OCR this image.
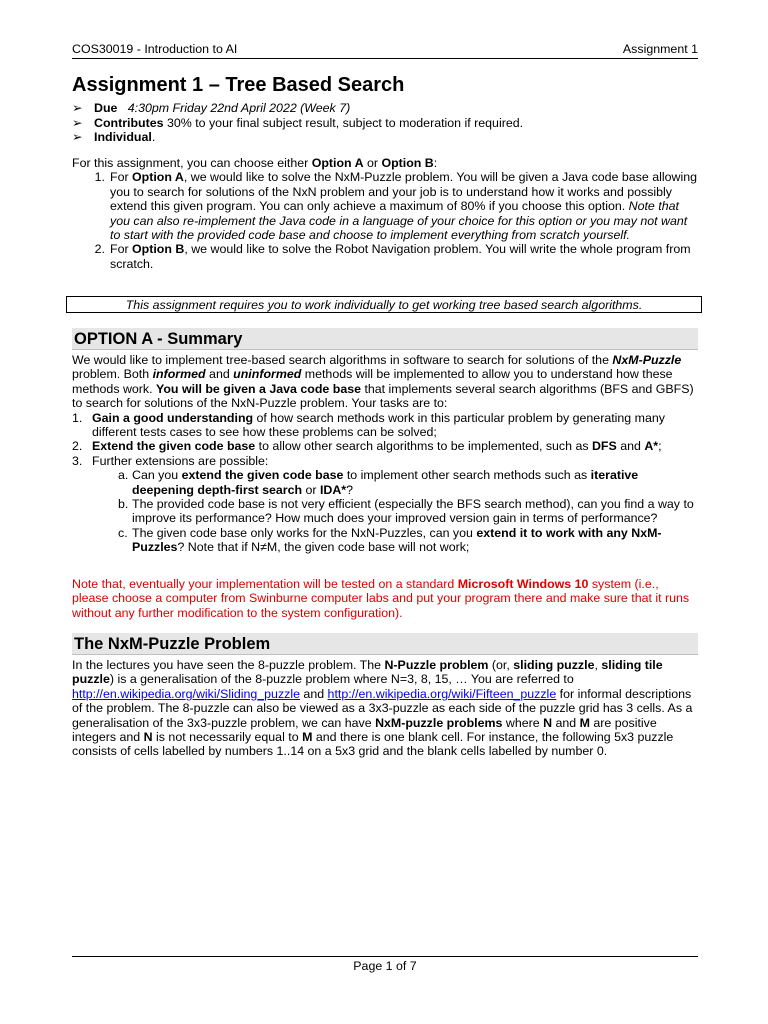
COS30019 - Introduction to AI	Assignment 1
Assignment 1 – Tree Based Search
➢ Due 4:30pm Friday 22nd April 2022 (Week 7)
➢ Contributes 30% to your final subject result, subject to moderation if required.
➢ Individual.
For this assignment, you can choose either Option A or Option B:
1. For Option A, we would like to solve the NxM-Puzzle problem. You will be given a Java code base allowing you to search for solutions of the NxN problem and your job is to understand how it works and possibly extend this given program. You can only achieve a maximum of 80% if you choose this option. Note that you can also re-implement the Java code in a language of your choice for this option or you may not want to start with the provided code base and choose to implement everything from scratch yourself.
2. For Option B, we would like to solve the Robot Navigation problem. You will write the whole program from scratch.
This assignment requires you to work individually to get working tree based search algorithms.
OPTION A - Summary
We would like to implement tree-based search algorithms in software to search for solutions of the NxM-Puzzle problem. Both informed and uninformed methods will be implemented to allow you to understand how these methods work. You will be given a Java code base that implements several search algorithms (BFS and GBFS) to search for solutions of the NxN-Puzzle problem. Your tasks are to:
1. Gain a good understanding of how search methods work in this particular problem by generating many different tests cases to see how these problems can be solved;
2. Extend the given code base to allow other search algorithms to be implemented, such as DFS and A*;
3. Further extensions are possible:
a. Can you extend the given code base to implement other search methods such as iterative deepening depth-first search or IDA*?
b. The provided code base is not very efficient (especially the BFS search method), can you find a way to improve its performance? How much does your improved version gain in terms of performance?
c. The given code base only works for the NxN-Puzzles, can you extend it to work with any NxM-Puzzles? Note that if N≠M, the given code base will not work;
Note that, eventually your implementation will be tested on a standard Microsoft Windows 10 system (i.e., please choose a computer from Swinburne computer labs and put your program there and make sure that it runs without any further modification to the system configuration).
The NxM-Puzzle Problem
In the lectures you have seen the 8-puzzle problem. The N-Puzzle problem (or, sliding puzzle, sliding tile puzzle) is a generalisation of the 8-puzzle problem where N=3, 8, 15, … You are referred to http://en.wikipedia.org/wiki/Sliding_puzzle and http://en.wikipedia.org/wiki/Fifteen_puzzle for informal descriptions of the problem. The 8-puzzle can also be viewed as a 3x3-puzzle as each side of the puzzle grid has 3 cells. As a generalisation of the 3x3-puzzle problem, we can have NxM-puzzle problems where N and M are positive integers and N is not necessarily equal to M and there is one blank cell. For instance, the following 5x3 puzzle consists of cells labelled by numbers 1..14 on a 5x3 grid and the blank cells labelled by number 0.
Page 1 of 7
